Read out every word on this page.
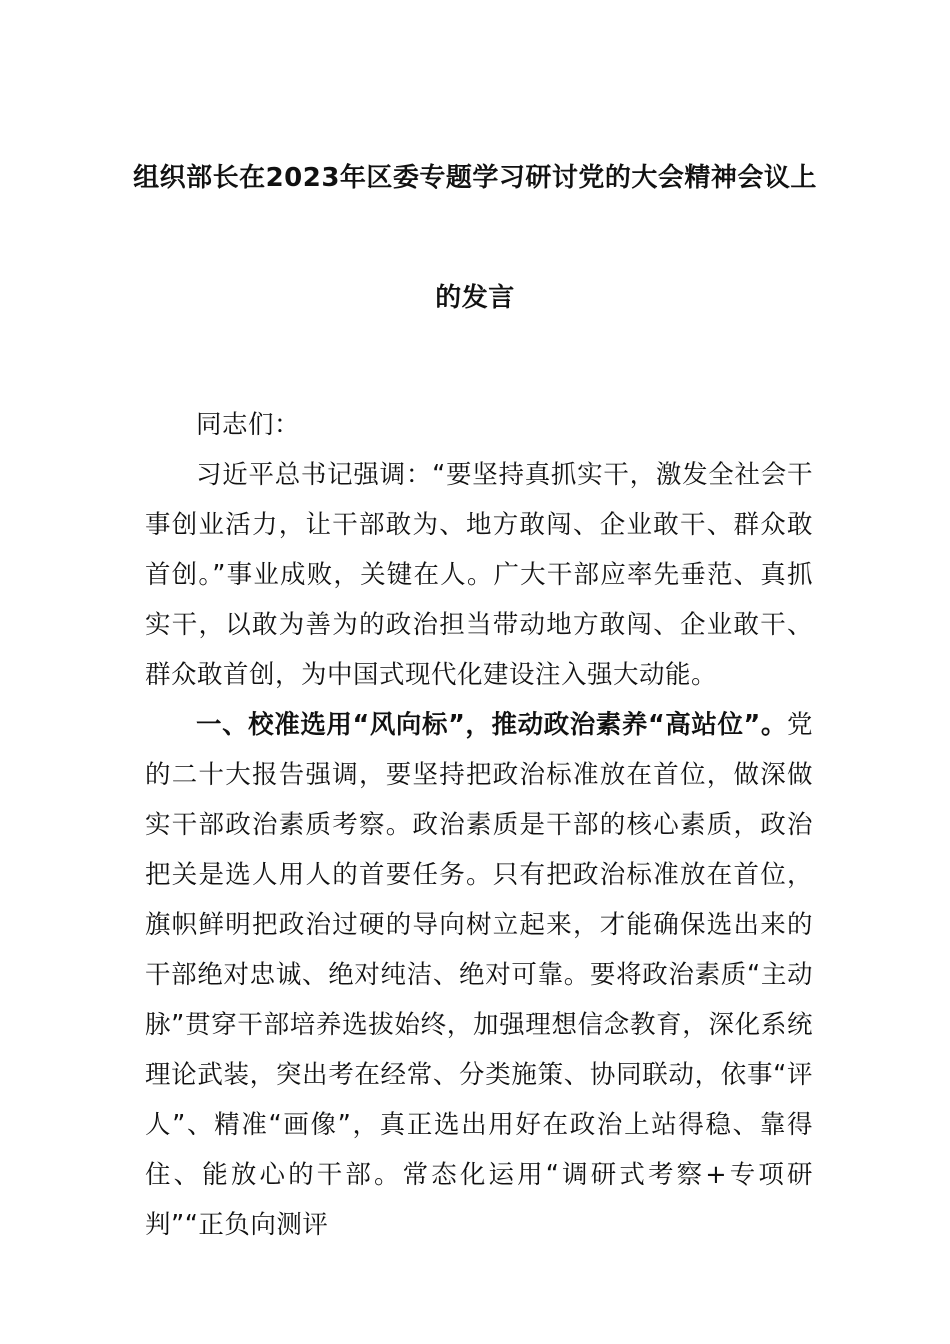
组织部长在2023年区委专题学习研讨党的大会精神会议上
的发言

同志们：

习近平总书记强调：“要坚持真抓实干，激发全社会干事创业活力，让干部敢为、地方敢闯、企业敢干、群众敢首创。”事业成败，关键在人。广大干部应率先垂范、真抓实干，以敢为善为的政治担当带动地方敢闯、企业敢干、群众敢首创，为中国式现代化建设注入强大动能。

一、校准选用“风向标”，推动政治素养“高站位”。党的二十大报告强调，要坚持把政治标准放在首位，做深做实干部政治素质考察。政治素质是干部的核心素质，政治把关是选人用人的首要任务。只有把政治标准放在首位，旗帜鲜明把政治过硬的导向树立起来，才能确保选出来的干部绝对忠诚、绝对纯洁、绝对可靠。要将政治素质“主动脉”贯穿干部培养选拔始终，加强理想信念教育，深化系统理论武装，突出考在经常、分类施策、协同联动，依事“评人”、精准“画像”，真正选出用好在政治上站得稳、靠得住、能放心的干部。常态化运用“调研式考察+专项研判”“正负向测评
